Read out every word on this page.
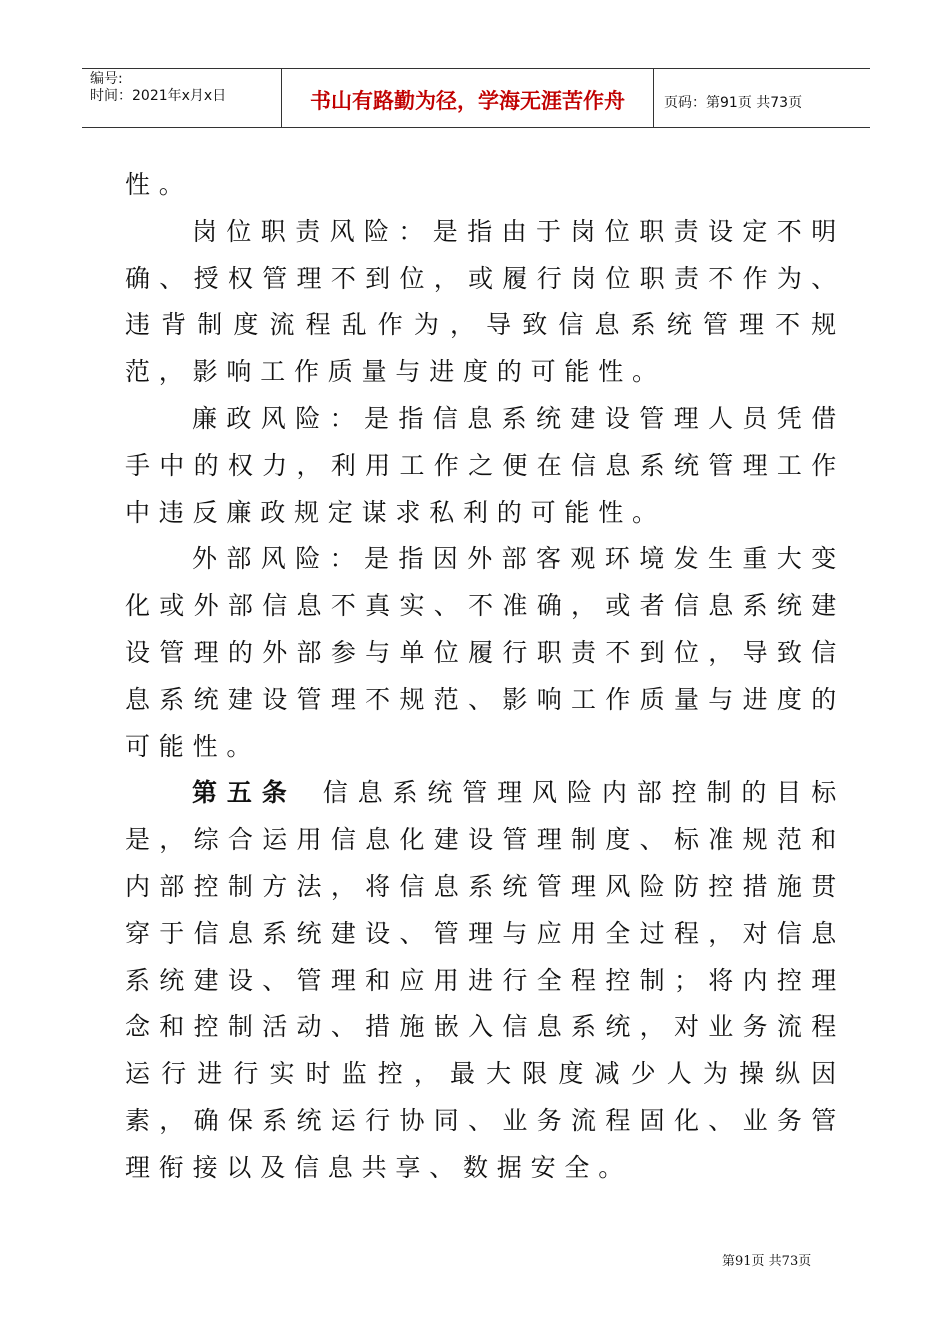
编号:
时间：2021年x月x日	书山有路勤为径，学海无涯苦作舟	页码：第91页 共73页

性。

岗位职责风险：是指由于岗位职责设定不明确、授权管理不到位，或履行岗位职责不作为、违背制度流程乱作为，导致信息系统管理不规范，影响工作质量与进度的可能性。

廉政风险：是指信息系统建设管理人员凭借手中的权力，利用工作之便在信息系统管理工作中违反廉政规定谋求私利的可能性。

外部风险：是指因外部客观环境发生重大变化或外部信息不真实、不准确，或者信息系统建设管理的外部参与单位履行职责不到位，导致信息系统建设管理不规范、影响工作质量与进度的可能性。

第五条 信息系统管理风险内部控制的目标是，综合运用信息化建设管理制度、标准规范和内部控制方法，将信息系统管理风险防控措施贯穿于信息系统建设、管理与应用全过程，对信息系统建设、管理和应用进行全程控制；将内控理念和控制活动、措施嵌入信息系统，对业务流程运行进行实时监控，最大限度减少人为操纵因素，确保系统运行协同、业务流程固化、业务管理衔接以及信息共享、数据安全。

第91页 共73页
